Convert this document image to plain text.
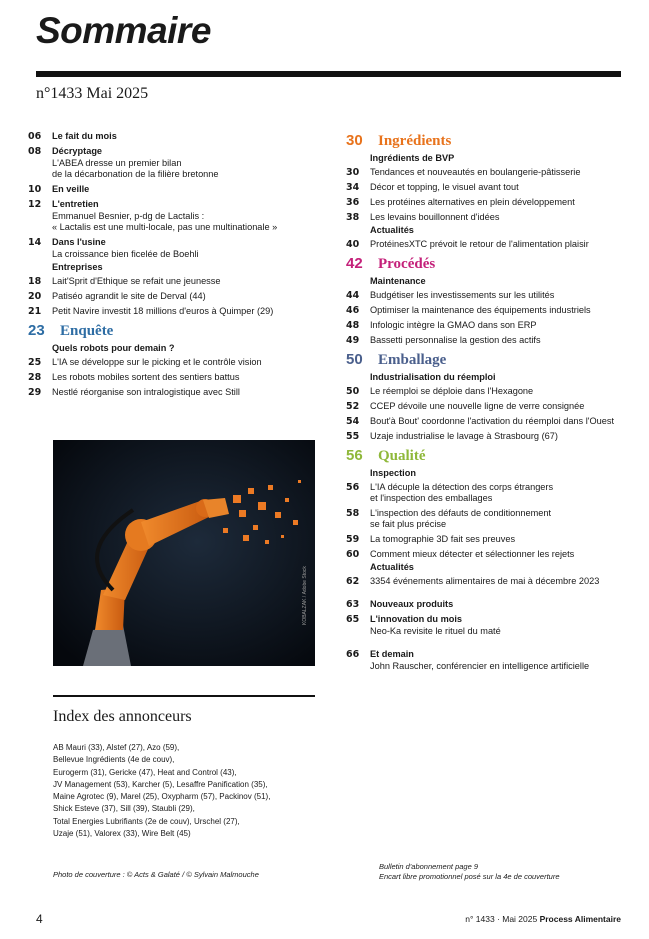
Sommaire
n°1433 Mai 2025
06	Le fait du mois
08	Décryptage
L'ABEA dresse un premier bilan
de la décarbonation de la filière bretonne
10	En veille
12	L'entretien
Emmanuel Besnier, p-dg de Lactalis :
« Lactalis est une multi-locale, pas une multinationale »
14	Dans l'usine
La croissance bien ficelée de Boehli
Entreprises
18	Lait'Sprit d'Ethique se refait une jeunesse
20	Patiséo agrandit le site de Derval (44)
21	Petit Navire investit 18 millions d'euros à Quimper (29)
23	Enquête
Quels robots pour demain ?
25	L'IA se développe sur le picking et le contrôle vision
28	Les robots mobiles sortent des sentiers battus
29	Nestlé réorganise son intralogistique avec Still
30	Ingrédients
Ingrédients de BVP
30	Tendances et nouveautés en boulangerie-pâtisserie
34	Décor et topping, le visuel avant tout
36	Les protéines alternatives en plein développement
38	Les levains bouillonnent d'idées
Actualités
40	ProtéinesXTC prévoit le retour de l'alimentation plaisir
42	Procédés
Maintenance
44	Budgétiser les investissements sur les utilités
46	Optimiser la maintenance des équipements industriels
48	Infologic intègre la GMAO dans son ERP
49	Bassetti personnalise la gestion des actifs
50	Emballage
Industrialisation du réemploi
50	Le réemploi se déploie dans l'Hexagone
52	CCEP dévoile une nouvelle ligne de verre consignée
54	Bout'à Bout' coordonne l'activation du réemploi dans l'Ouest
55	Uzaje industrialise le lavage à Strasbourg (67)
56	Qualité
Inspection
56	L'IA décuple la détection des corps étrangers
et l'inspection des emballages
58	L'inspection des défauts de conditionnement
se fait plus précise
59	La tomographie 3D fait ses preuves
60	Comment mieux détecter et sélectionner les rejets
Actualités
62	3354 événements alimentaires de mai à décembre 2023
63	Nouveaux produits
65	L'innovation du mois
Neo-Ka revisite le rituel du maté
66	Et demain
John Rauscher, conférencier en intelligence artificielle
KOBALZAK / Adobe Stock
Index des annonceurs
AB Mauri (33), Alstef (27), Azo (59),
Bellevue Ingrédients (4e de couv),
Eurogerm (31), Gericke (47), Heat and Control (43),
JV Management (53), Karcher (5), Lesaffre Panification (35),
Maine Agrotec (9), Marel (25), Oxypharm (57), Packinov (51),
Shick Esteve (37), Sill (39), Staubli (29),
Total Energies Lubrifiants (2e de couv), Urschel (27),
Uzaje (51), Valorex (33), Wire Belt (45)
Photo de couverture : © Acts & Galaté / © Sylvain Malmouche
Bulletin d'abonnement page 9
Encart libre promotionnel posé sur la 4e de couverture
4	n° 1433 · Mai 2025 Process Alimentaire
